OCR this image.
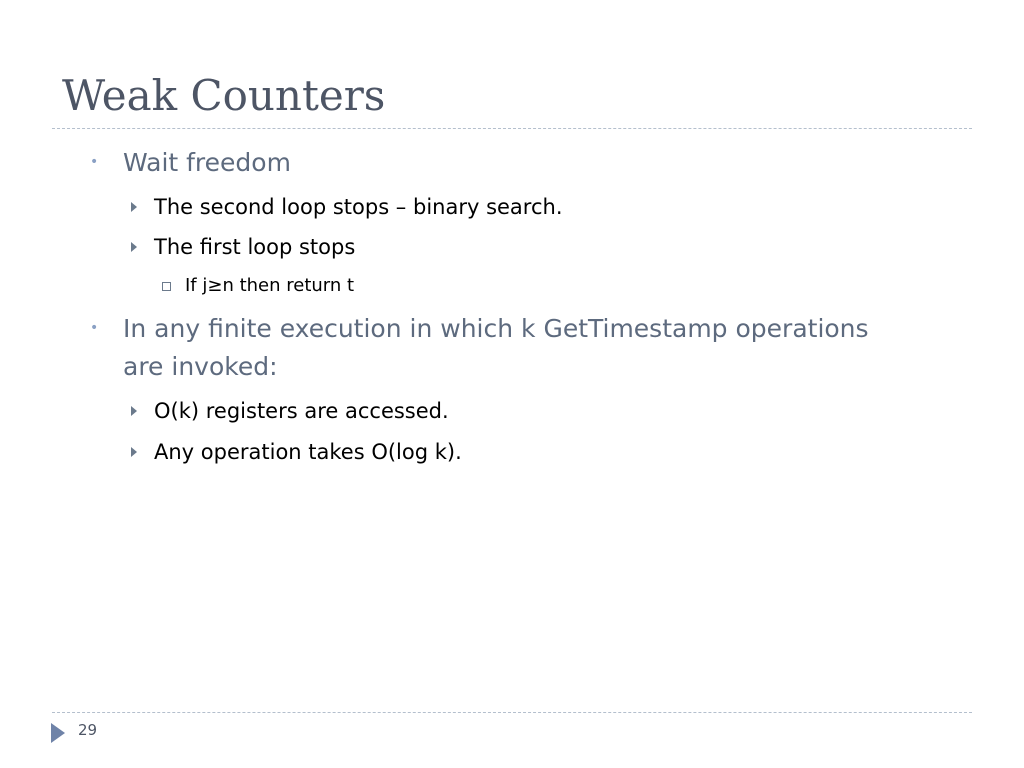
Weak Counters
• Wait freedom
The second loop stops – binary search.
The first loop stops
If j≥n then return t
• In any finite execution in which k GetTimestamp operations
are invoked:
O(k) registers are accessed.
Any operation takes O(log k).
29
